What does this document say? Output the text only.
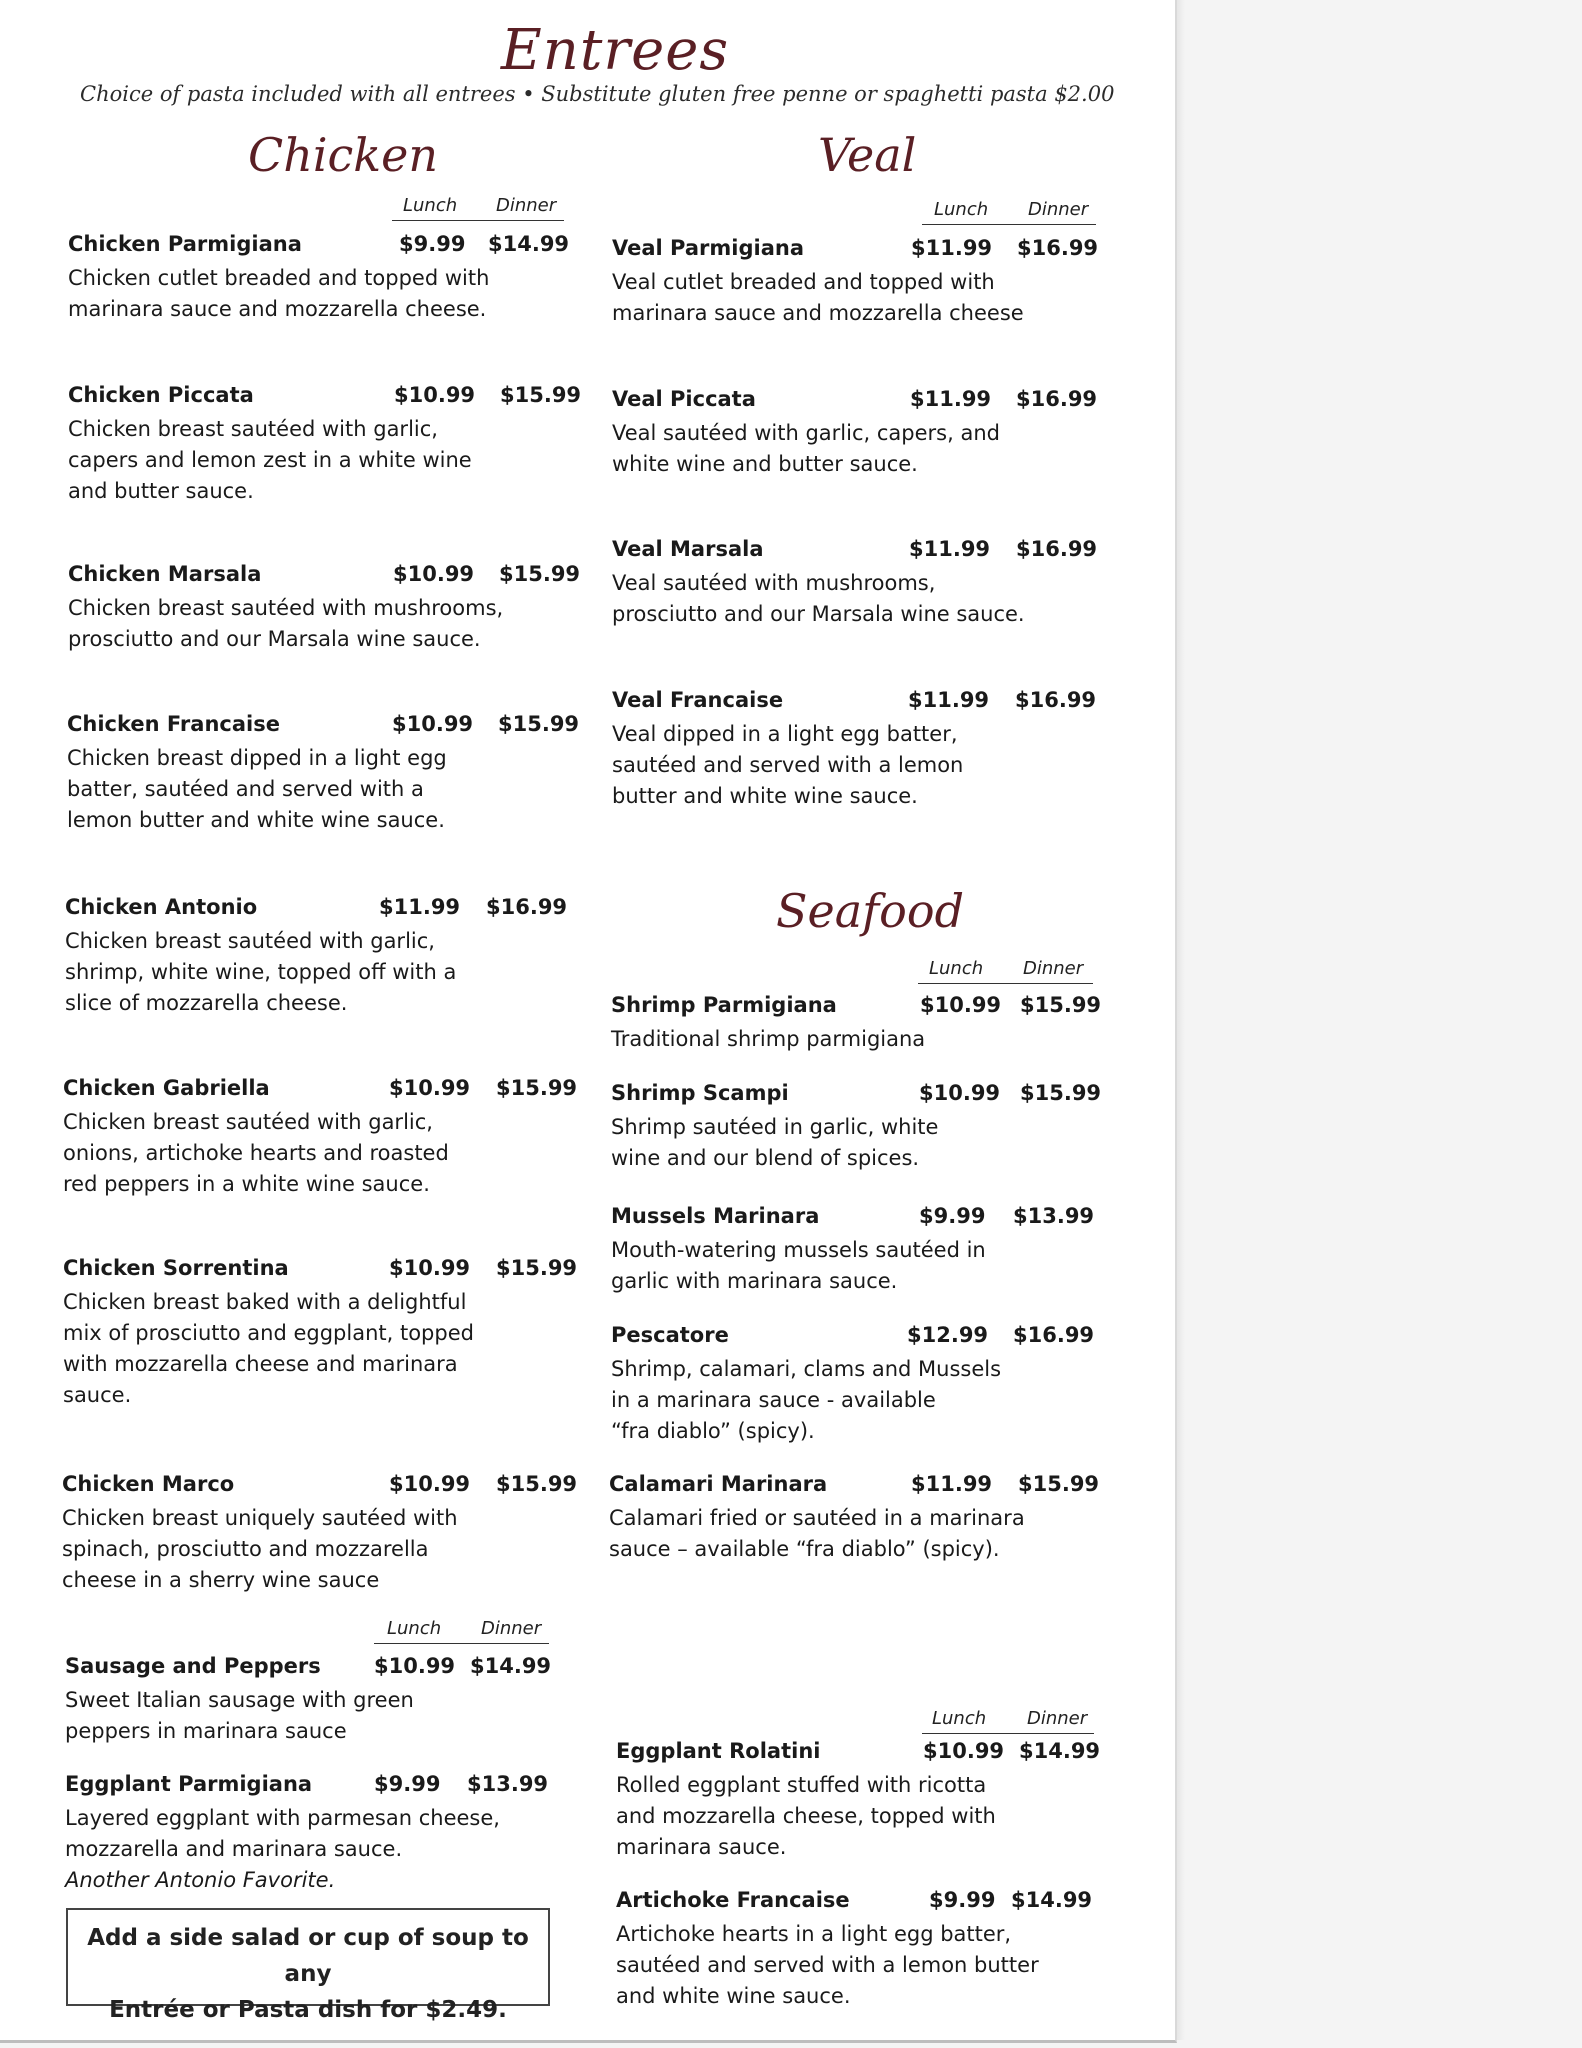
Entrees
Choice of pasta included with all entrees • Substitute gluten free penne or spaghetti pasta $2.00
Chicken	Veal
Seafood
Lunch Dinner	Lunch Dinner
Lunch Dinner
Lunch Dinner
Lunch Dinner
Chicken Parmigiana	$9.99 $14.99
Chicken cutlet breaded and topped with
marinara sauce and mozzarella cheese.
Chicken Piccata	$10.99 $15.99
Chicken breast sautéed with garlic,
capers and lemon zest in a white wine
and butter sauce.
Chicken Marsala	$10.99 $15.99
Chicken breast sautéed with mushrooms,
prosciutto and our Marsala wine sauce.
Chicken Francaise	$10.99 $15.99
Chicken breast dipped in a light egg
batter, sautéed and served with a
lemon butter and white wine sauce.
Chicken Antonio	$11.99 $16.99
Chicken breast sautéed with garlic,
shrimp, white wine, topped off with a
slice of mozzarella cheese.
Chicken Gabriella	$10.99 $15.99
Chicken breast sautéed with garlic,
onions, artichoke hearts and roasted
red peppers in a white wine sauce.
Chicken Sorrentina	$10.99 $15.99
Chicken breast baked with a delightful
mix of prosciutto and eggplant, topped
with mozzarella cheese and marinara
sauce.
Chicken Marco	$10.99 $15.99
Chicken breast uniquely sautéed with
spinach, prosciutto and mozzarella
cheese in a sherry wine sauce
Sausage and Peppers	$10.99 $14.99
Sweet Italian sausage with green
peppers in marinara sauce
Eggplant Parmigiana	$9.99 $13.99
Layered eggplant with parmesan cheese,
mozzarella and marinara sauce.
Another Antonio Favorite.
Veal Parmigiana	$11.99 $16.99
Veal cutlet breaded and topped with
marinara sauce and mozzarella cheese
Veal Piccata	$11.99 $16.99
Veal sautéed with garlic, capers, and
white wine and butter sauce.
Veal Marsala	$11.99 $16.99
Veal sautéed with mushrooms,
prosciutto and our Marsala wine sauce.
Veal Francaise	$11.99 $16.99
Veal dipped in a light egg batter,
sautéed and served with a lemon
butter and white wine sauce.
Shrimp Parmigiana	$10.99 $15.99
Traditional shrimp parmigiana
Shrimp Scampi	$10.99 $15.99
Shrimp sautéed in garlic, white
wine and our blend of spices.
Mussels Marinara	$9.99 $13.99
Mouth-watering mussels sautéed in
garlic with marinara sauce.
Pescatore	$12.99 $16.99
Shrimp, calamari, clams and Mussels
in a marinara sauce - available
“fra diablo” (spicy).
Calamari Marinara	$11.99 $15.99
Calamari fried or sautéed in a marinara
sauce – available “fra diablo” (spicy).
Eggplant Rolatini	$10.99 $14.99
Rolled eggplant stuffed with ricotta
and mozzarella cheese, topped with
marinara sauce.
Artichoke Francaise	$9.99 $14.99
Artichoke hearts in a light egg batter,
sautéed and served with a lemon butter
and white wine sauce.
Add a side salad or cup of soup to any
Entrée or Pasta dish for $2.49.
